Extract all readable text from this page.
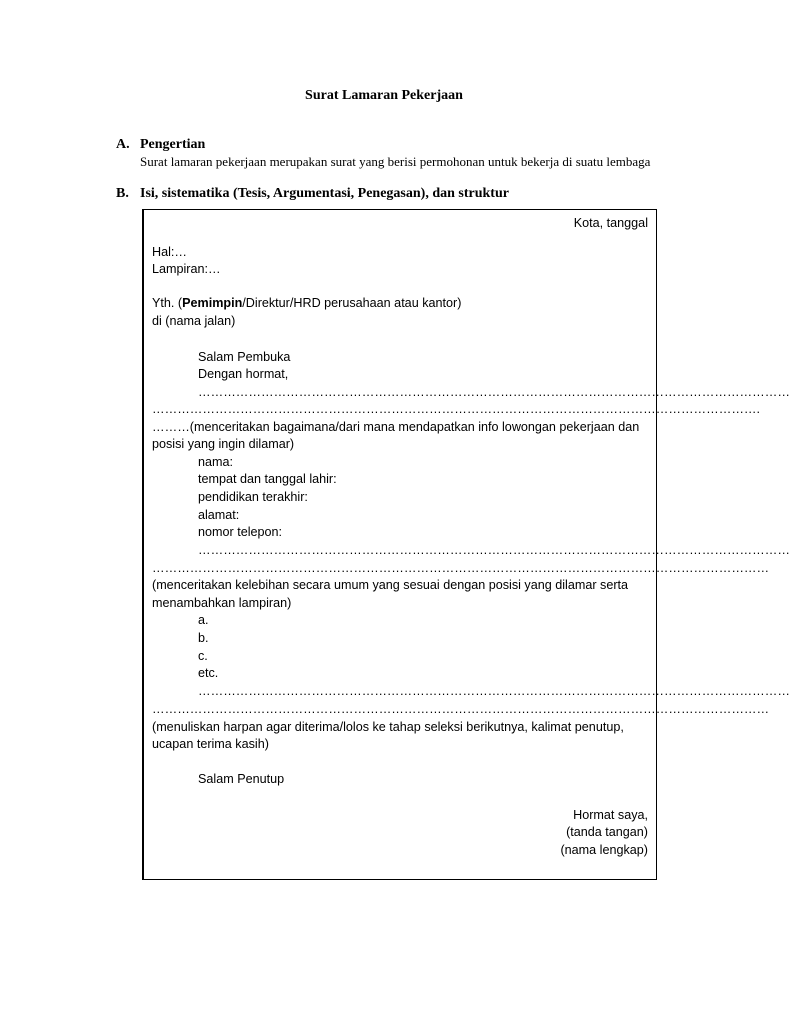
Surat Lamaran Pekerjaan
A. Pengertian
Surat lamaran pekerjaan merupakan surat yang berisi permohonan untuk bekerja di suatu lembaga
B. Isi, sistematika (Tesis, Argumentasi, Penegasan), dan struktur
Kota, tanggal
Hal:…
Lampiran:…
Yth. (Pemimpin/Direktur/HRD perusahaan atau kantor)
di (nama jalan)
Salam Pembuka
Dengan hormat,
……………………………………………………………………………………………………………………………
……………………………………………………………………………………………………………………………….
………(menceritakan bagaimana/dari mana mendapatkan info lowongan pekerjaan dan
posisi yang ingin dilamar)
nama:
tempat dan tanggal lahir:
pendidikan terakhir:
alamat:
nomor telepon:
……………………………………………………………………………………………………………………………
…………………………………………………………………………………………………………………………………
(menceritakan kelebihan secara umum yang sesuai dengan posisi yang dilamar serta
menambahkan lampiran)
a.
b.
c.
etc.
……………………………………………………………………………………………………………………………
…………………………………………………………………………………………………………………………………
(menuliskan harpan agar diterima/lolos ke tahap seleksi berikutnya, kalimat penutup,
ucapan terima kasih)
Salam Penutup
Hormat saya,
(tanda tangan)
(nama lengkap)
